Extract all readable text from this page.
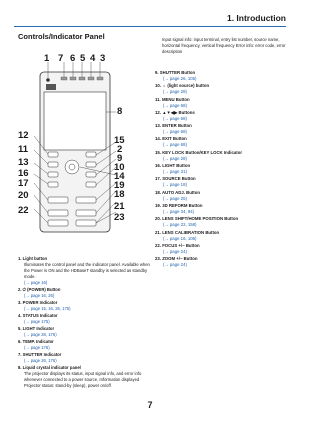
1. Introduction
Controls/Indicator Panel
1 7 6 5 4 3
8
15
2
9
10
14
19
18
21
23
12
11
13
16
17
20
22
1. Light button
Illuminates the control panel and the indicator panel. Available when the Power is ON and the HDBaseT standby is selected as standby mode.
(→ page 16)
2. ⏻ (POWER) Button
(→ page 16, 26)
3. POWER Indicator
(→ page 15, 16, 26, 175)
4. STATUS Indicator
(→ page 175)
5. LIGHT Indicator
(→ page 28, 176)
6. TEMP. Indicator
(→ page 176)
7. SHUTTER Indicator
(→ page 26, 176)
8. Liquid crystal indicator panel
The projector displays its status, input signal info, and error info whenever connected to a power source. Information displayed Projector status: stand-by (sleep), power on/off
Input signal info: input terminal, entry list number, source name, horizontal frequency, vertical frequency Error info: error code, error description
9. SHUTTER Button
(→ page 26, 105)
10. ☼ (light source) button
(→ page 28)
11. MENU Button
(→ page 68)
12. ▲▼◀▶ Buttons
(→ page 68)
13. ENTER Button
(→ page 68)
14. EXIT Button
(→ page 68)
15. KEY LOCK Button/KEY LOCK Indicator
(→ page 28)
16. LIGHT Button
(→ page 31)
17. SOURCE Button
(→ page 18)
18. AUTO ADJ. Button
(→ page 25)
19. 3D REFORM Button
(→ page 34, 94)
20. LENS SHIFT/HOME POSITION Button
(→ page 22, 158)
21. LENS CALIBRATION Button
(→ page 16, 106)
22. FOCUS +/− Button
(→ page 24)
23. ZOOM +/− Button
(→ page 24)
7
